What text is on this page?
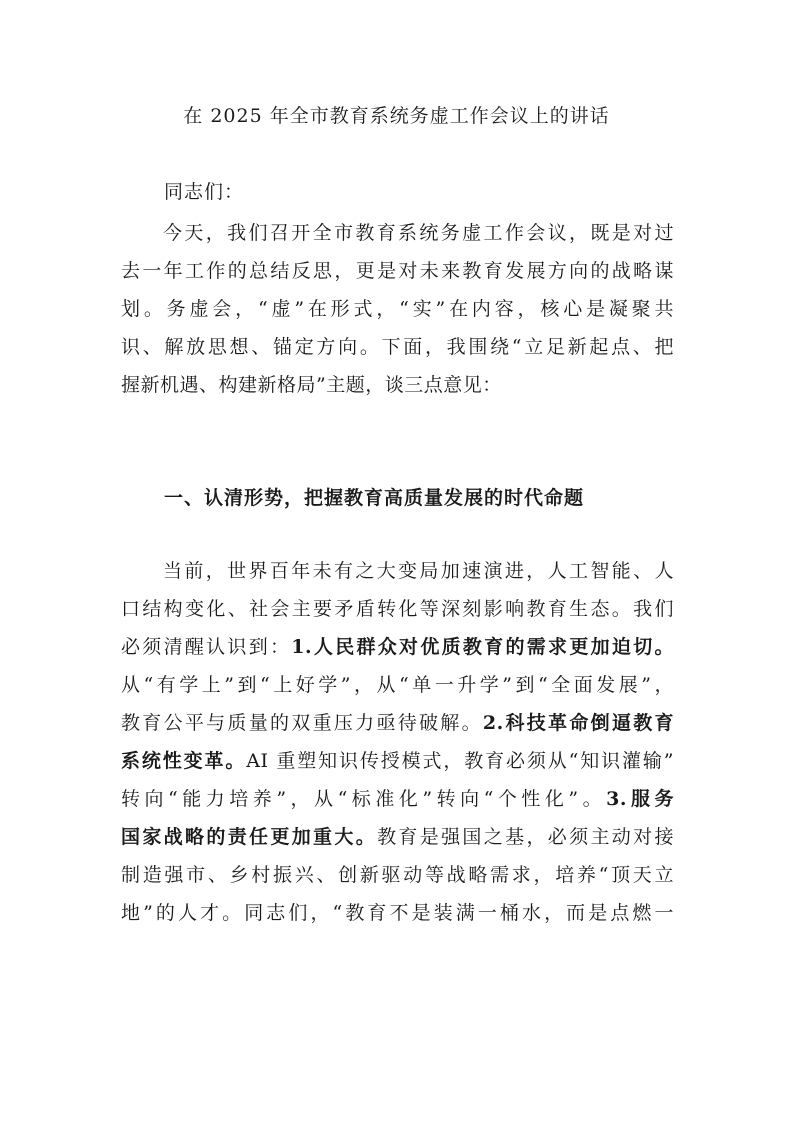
在 2025 年全市教育系统务虚工作会议上的讲话
同志们：

今天，我们召开全市教育系统务虚工作会议，既是对过
去一年工作的总结反思，更是对未来教育发展方向的战略谋
划。务虚会，“虚”在形式，“实”在内容，核心是凝聚共
识、解放思想、锚定方向。下面，我围绕“立足新起点、把
握新机遇、构建新格局”主题，谈三点意见：

一、认清形势，把握教育高质量发展的时代命题

当前，世界百年未有之大变局加速演进，人工智能、人
口结构变化、社会主要矛盾转化等深刻影响教育生态。我们
必须清醒认识到：1.人民群众对优质教育的需求更加迫切。
从“有学上”到“上好学”，从“单一升学”到“全面发展”，
教育公平与质量的双重压力亟待破解。2.科技革命倒逼教育
系统性变革。AI 重塑知识传授模式，教育必须从“知识灌输”
转向“能力培养”，从“标准化”转向“个性化”。3.服务
国家战略的责任更加重大。教育是强国之基，必须主动对接
制造强市、乡村振兴、创新驱动等战略需求，培养“顶天立
地”的人才。同志们，“教育不是装满一桶水，而是点燃一
